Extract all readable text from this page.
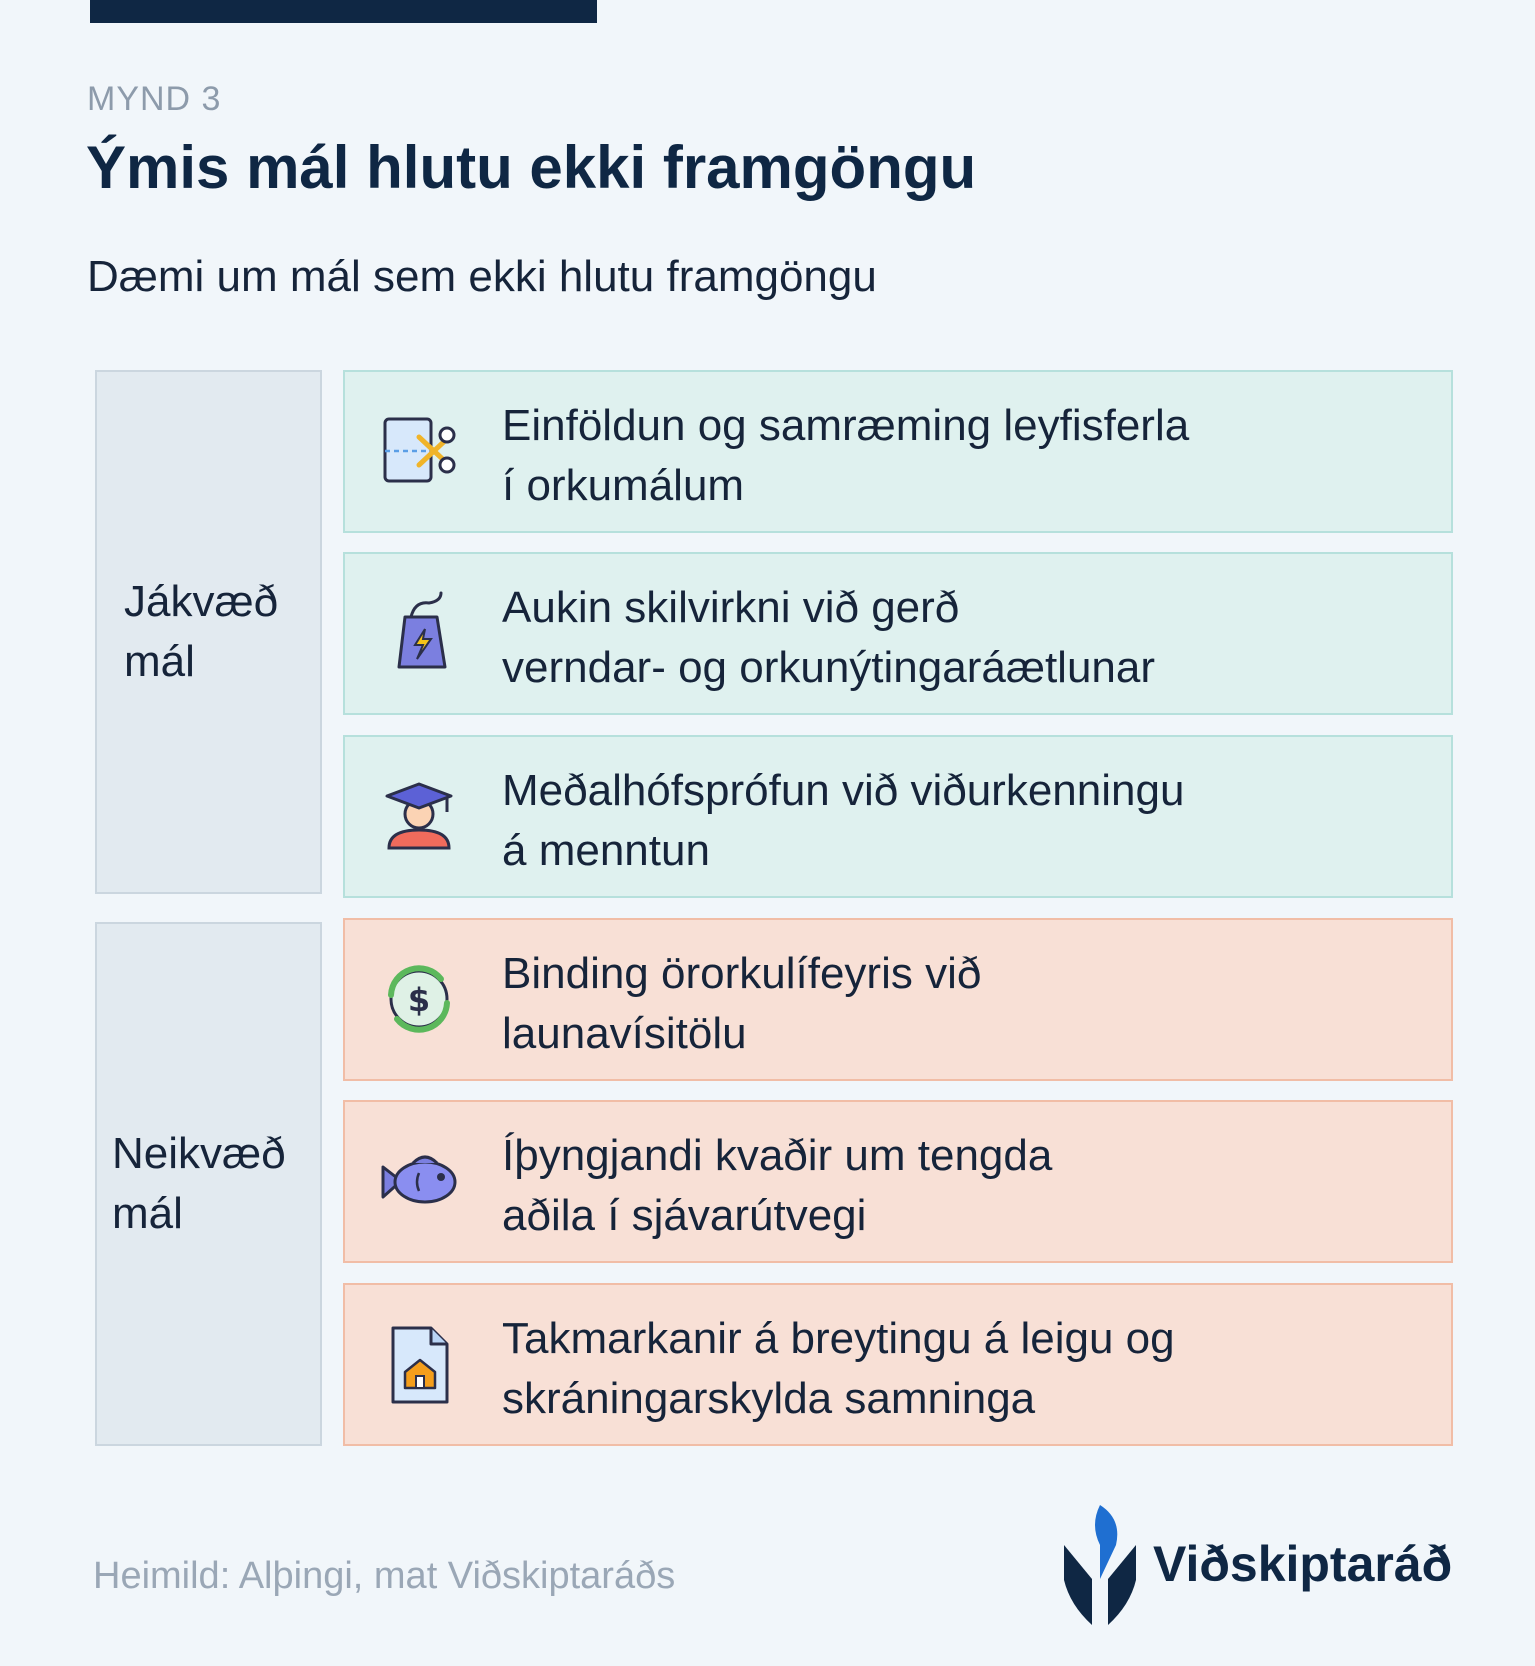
MYND 3
Ýmis mál hlutu ekki framgöngu
Dæmi um mál sem ekki hlutu framgöngu
Jákvæð
mál
Einföldun og samræming leyfisferla
í orkumálum
Aukin skilvirkni við gerð
verndar- og orkunýtingaráætlunar
Meðalhófsprófun við viðurkenningu
á menntun
Neikvæð
mál
$
Binding örorkulífeyris við
launavísitölu
Íþyngjandi kvaðir um tengda
aðila í sjávarútvegi
Takmarkanir á breytingu á leigu og
skráningarskylda samninga
Heimild: Alþingi, mat Viðskiptaráðs	Viðskiptaráð
